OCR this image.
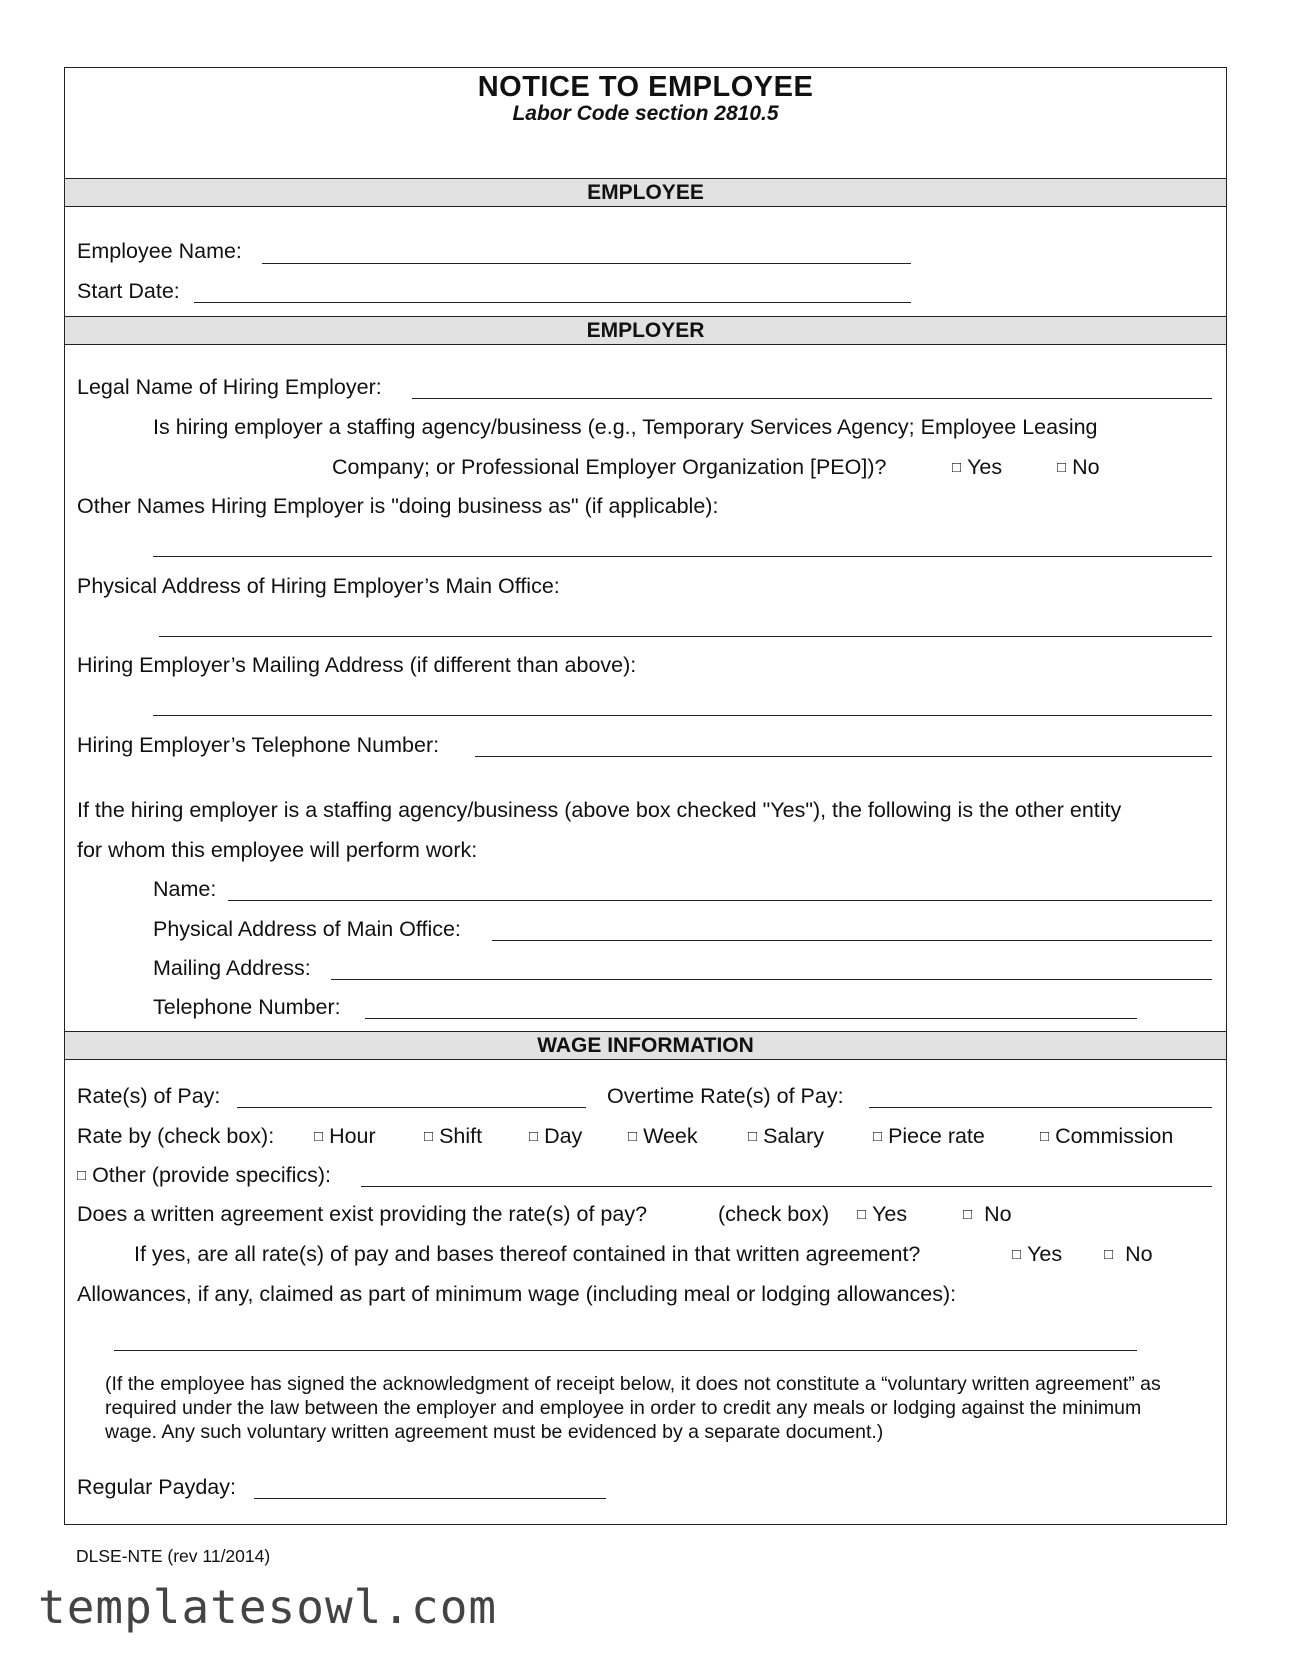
NOTICE TO EMPLOYEE
Labor Code section 2810.5
EMPLOYEE
Employee Name:
Start Date:
EMPLOYER
Legal Name of Hiring Employer:
Is hiring employer a staffing agency/business (e.g., Temporary Services Agency; Employee Leasing
Company; or Professional Employer Organization [PEO])?	□ Yes	□ No
Other Names Hiring Employer is "doing business as" (if applicable):
Physical Address of Hiring Employer’s Main Office:
Hiring Employer’s Mailing Address (if different than above):
Hiring Employer’s Telephone Number:
If the hiring employer is a staffing agency/business (above box checked "Yes"), the following is the other entity
for whom this employee will perform work:
Name:
Physical Address of Main Office:
Mailing Address:
Telephone Number:
WAGE INFORMATION
Rate(s) of Pay:	Overtime Rate(s) of Pay:
Rate by (check box):	□ Hour	□ Shift	□ Day	□ Week	□ Salary	□ Piece rate	□ Commission
□ Other (provide specifics):
Does a written agreement exist providing the rate(s) of pay?	(check box) □ Yes	□ No
If yes, are all rate(s) of pay and bases thereof contained in that written agreement?	□ Yes	□ No
Allowances, if any, claimed as part of minimum wage (including meal or lodging allowances):
(If the employee has signed the acknowledgment of receipt below, it does not constitute a “voluntary written agreement” as required under the law between the employer and employee in order to credit any meals or lodging against the minimum wage. Any such voluntary written agreement must be evidenced by a separate document.)
Regular Payday:
DLSE-NTE (rev 11/2014)
templatesowl.com
